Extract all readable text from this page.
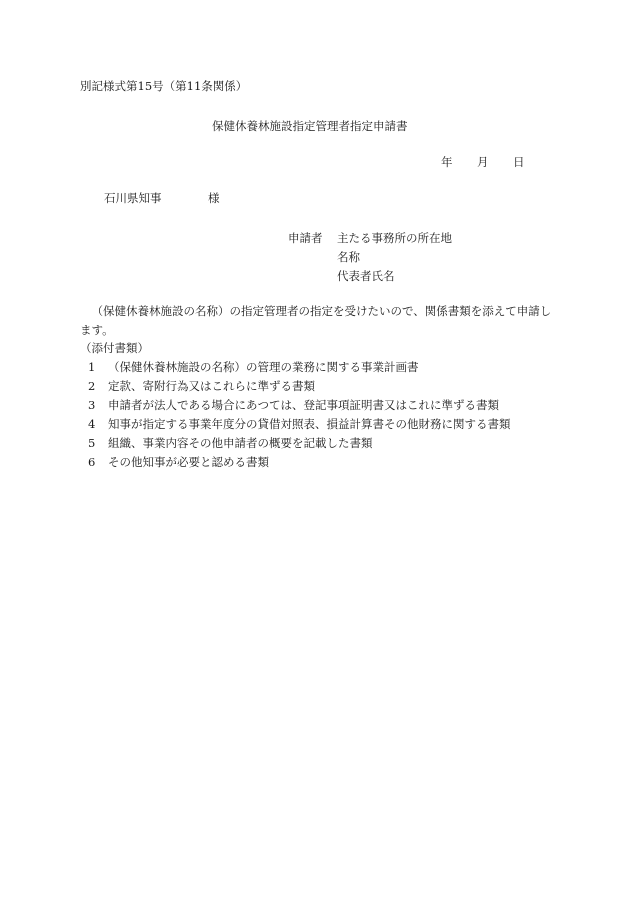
別記様式第15号（第11条関係）
保健休養林施設指定管理者指定申請書
年 月 日
石川県知事	様
申請者 主たる事務所の所在地
名称
代表者氏名
（保健休養林施設の名称）の指定管理者の指定を受けたいので、関係書類を添えて申請します。
（添付書類）
1	（保健休養林施設の名称）の管理の業務に関する事業計画書
2	定款、寄附行為又はこれらに準ずる書類
3	申請者が法人である場合にあつては、登記事項証明書又はこれに準ずる書類
4	知事が指定する事業年度分の貸借対照表、損益計算書その他財務に関する書類
5	組織、事業内容その他申請者の概要を記載した書類
6	その他知事が必要と認める書類
